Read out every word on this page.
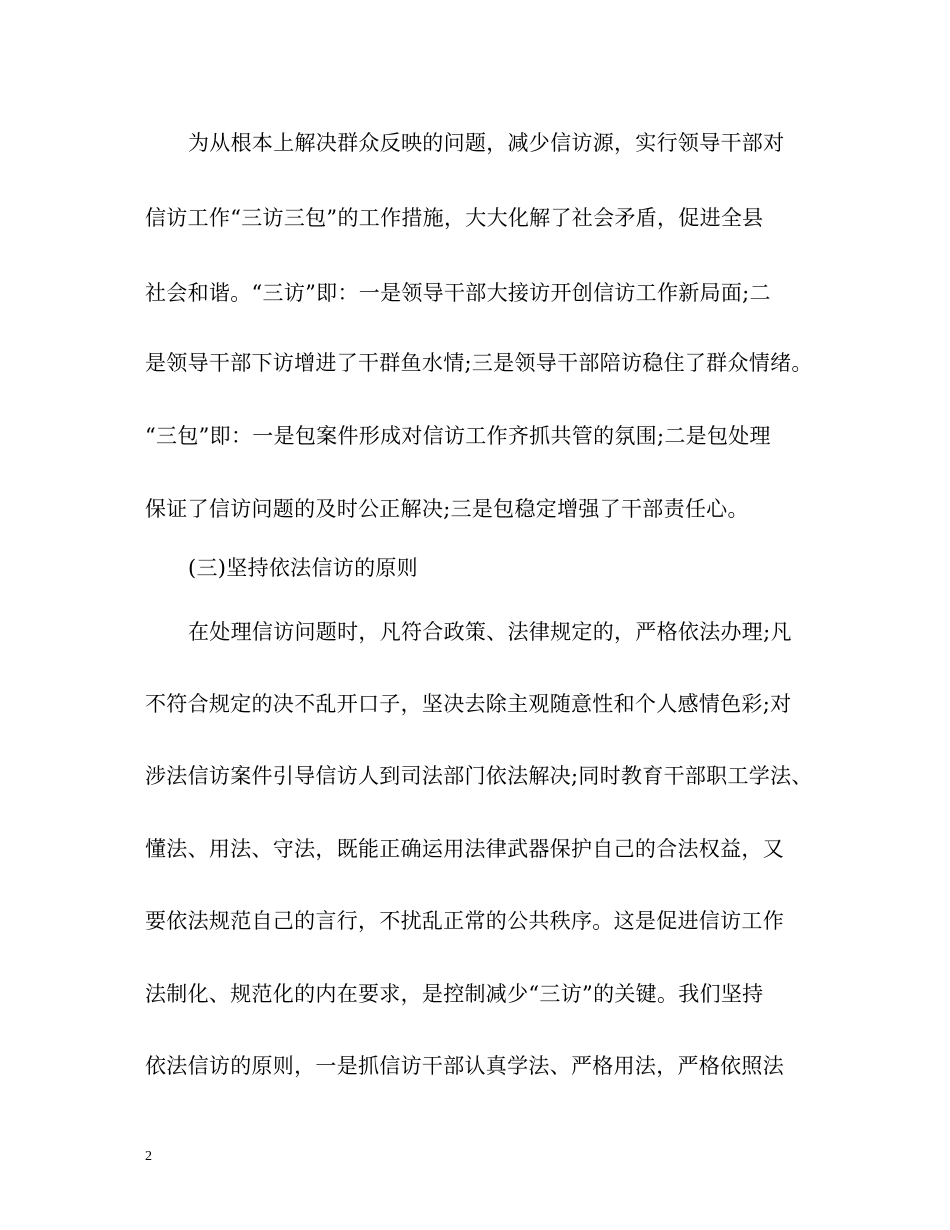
为从根本上解决群众反映的问题，减少信访源，实行领导干部对
信访工作“三访三包”的工作措施，大大化解了社会矛盾，促进全县
社会和谐。“三访”即：一是领导干部大接访开创信访工作新局面;二
是领导干部下访增进了干群鱼水情;三是领导干部陪访稳住了群众情绪。
“三包”即：一是包案件形成对信访工作齐抓共管的氛围;二是包处理
保证了信访问题的及时公正解决;三是包稳定增强了干部责任心。
(三)坚持依法信访的原则
在处理信访问题时，凡符合政策、法律规定的，严格依法办理;凡
不符合规定的决不乱开口子，坚决去除主观随意性和个人感情色彩;对
涉法信访案件引导信访人到司法部门依法解决;同时教育干部职工学法、
懂法、用法、守法，既能正确运用法律武器保护自己的合法权益，又
要依法规范自己的言行，不扰乱正常的公共秩序。这是促进信访工作
法制化、规范化的内在要求，是控制减少“三访”的关键。我们坚持
依法信访的原则，一是抓信访干部认真学法、严格用法，严格依照法
2
